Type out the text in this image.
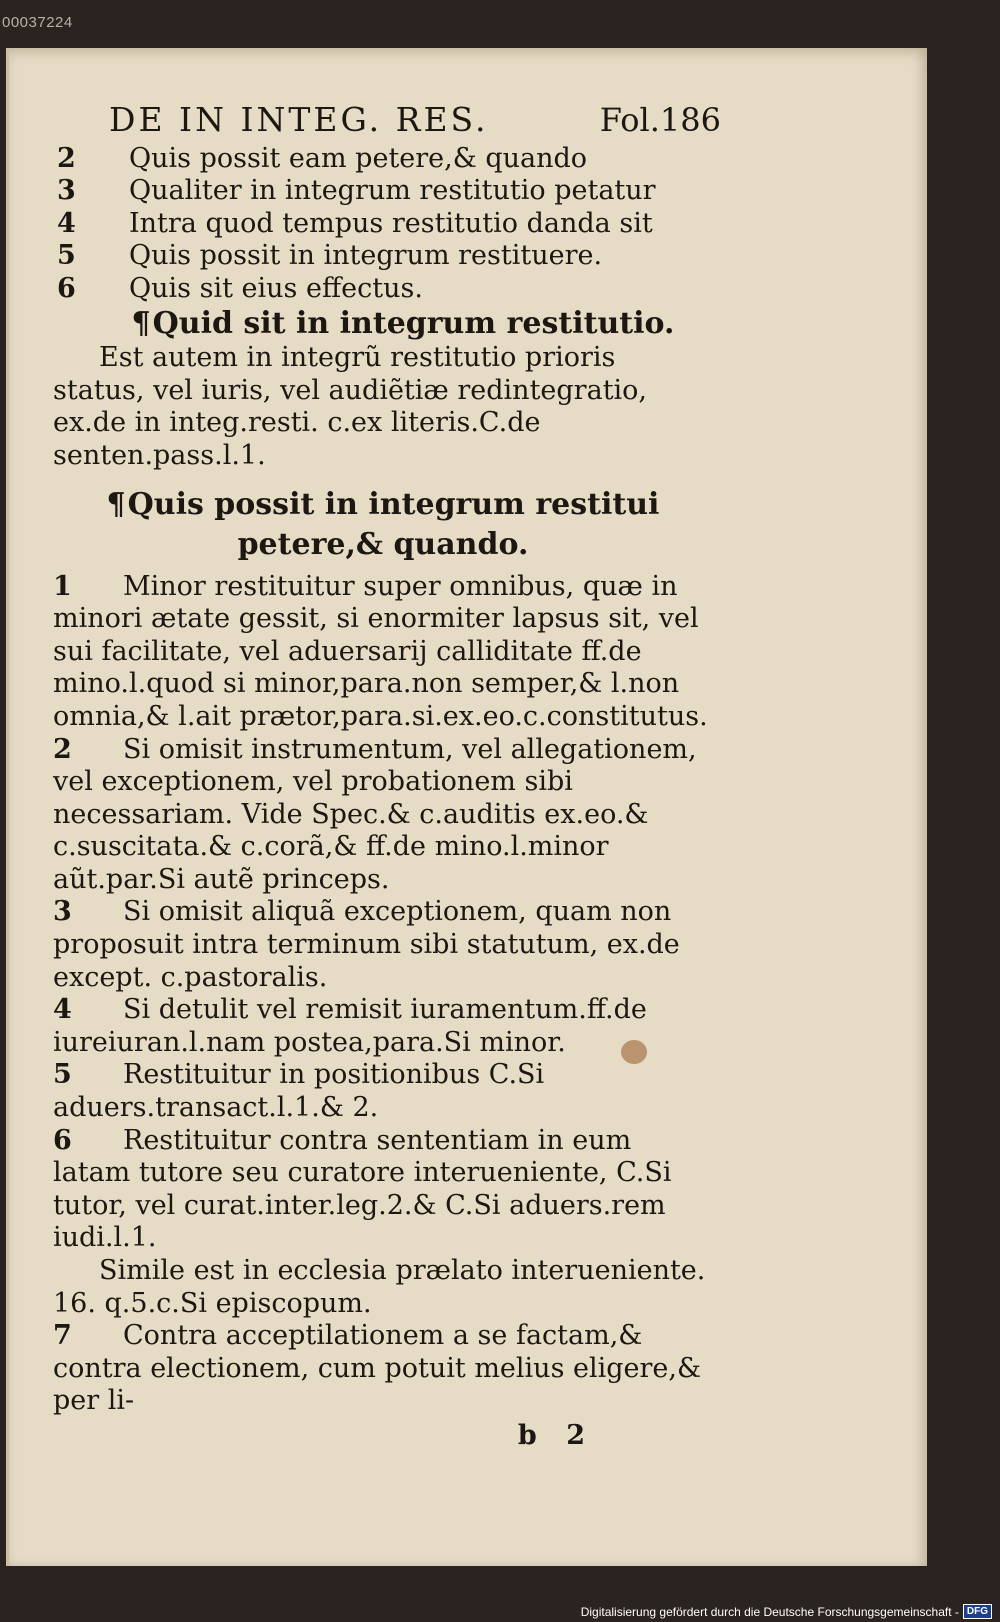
00037224
DE IN INTEG. RES.	Fol.186
2	Quis possit eam petere,& quando
3	Qualiter in integrum restitutio petatur
4	Intra quod tempus restitutio danda sit
5	Quis possit in integrum restituere.
6	Quis sit eius effectus.
¶Quid sit in integrum restitutio.

Est autem in integrũ restitutio prioris status, vel iuris, vel audiẽtiæ redintegratio, ex.de in integ.resti. c.ex literis.C.de senten.pass.l.1.

¶Quis possit in integrum restitui
petere,& quando.

1 Minor restituitur super omnibus, quæ in minori ætate gessit, si enormiter lapsus sit, vel sui facilitate, vel aduersarij calliditate ff.de mino.l.quod si minor,para.non semper,& l.non omnia,& l.ait prætor,para.si.ex.eo.c.constitutus.

2 Si omisit instrumentum, vel allegationem, vel exceptionem, vel probationem sibi necessariam. Vide Spec.& c.auditis ex.eo.& c.suscitata.& c.corã,& ff.de mino.l.minor aũt.par.Si autẽ princeps.

3 Si omisit aliquã exceptionem, quam non proposuit intra terminum sibi statutum, ex.de except. c.pastoralis.

4 Si detulit vel remisit iuramentum.ff.de iureiuran.l.nam postea,para.Si minor.

5 Restituitur in positionibus C.Si aduers.transact.l.1.& 2.

6 Restituitur contra sententiam in eum latam tutore seu curatore interueniente, C.Si tutor, vel curat.inter.leg.2.& C.Si aduers.rem iudi.l.1.

Simile est in ecclesia prælato interueniente. 16. q.5.c.Si episcopum.

7 Contra acceptilationem a se factam,& contra electionem, cum potuit melius eligere,& per li-

b 2
Digitalisierung gefördert durch die Deutsche Forschungsgemeinschaft - DFG
